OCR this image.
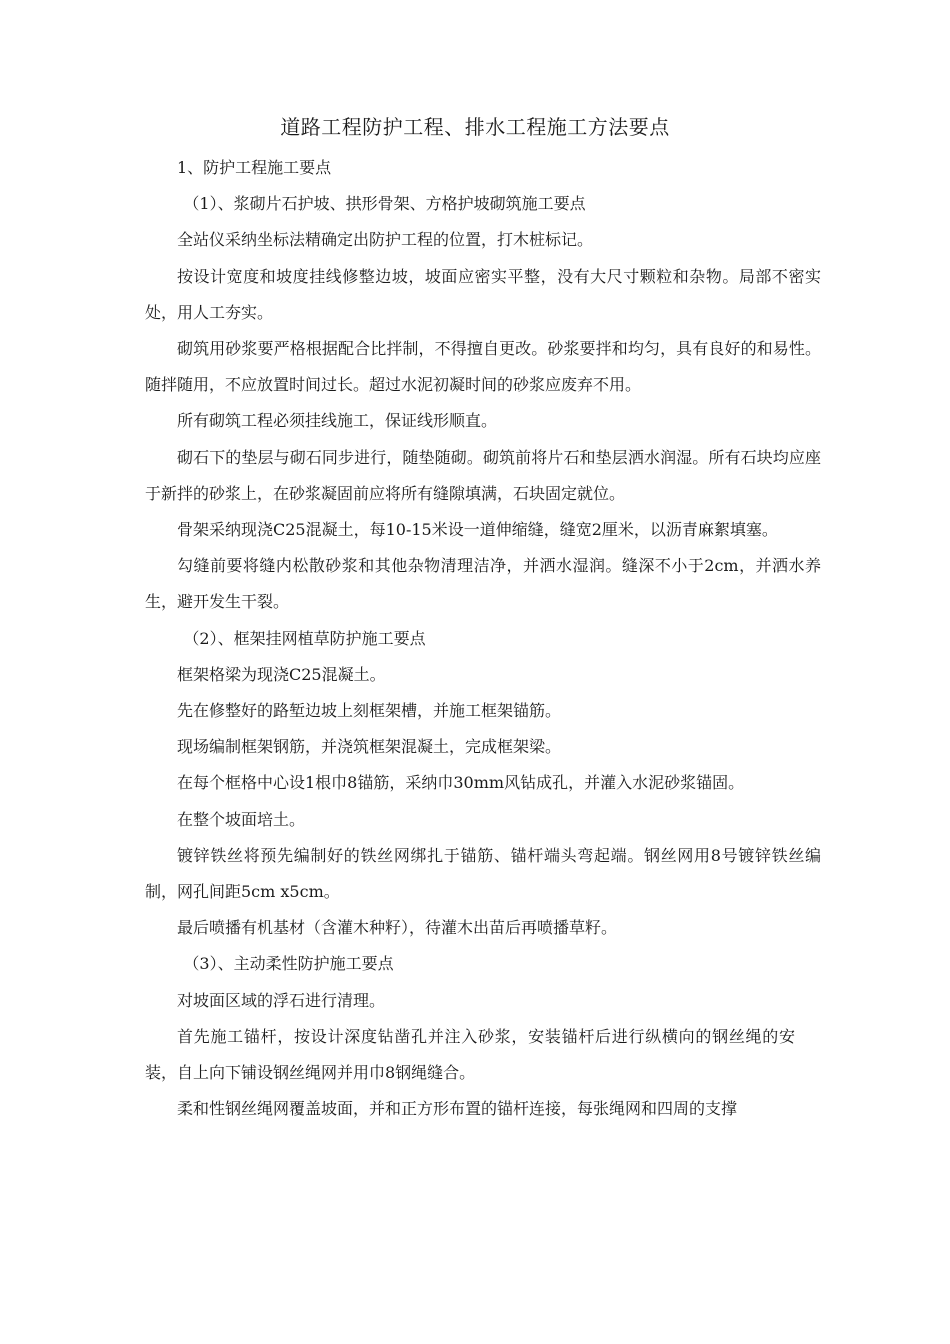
道路工程防护工程、排水工程施工方法要点

1、防护工程施工要点

（1）、浆砌片石护坡、拱形骨架、方格护坡砌筑施工要点

全站仪采纳坐标法精确定出防护工程的位置，打木桩标记。

按设计宽度和坡度挂线修整边坡，坡面应密实平整，没有大尺寸颗粒和杂物。局部不密实处，用人工夯实。

砌筑用砂浆要严格根据配合比拌制，不得擅自更改。砂浆要拌和均匀，具有良好的和易性。随拌随用，不应放置时间过长。超过水泥初凝时间的砂浆应废弃不用。

所有砌筑工程必须挂线施工，保证线形顺直。

砌石下的垫层与砌石同步进行，随垫随砌。砌筑前将片石和垫层洒水润湿。所有石块均应座于新拌的砂浆上，在砂浆凝固前应将所有缝隙填满，石块固定就位。

骨架采纳现浇C25混凝土，每10-15米设一道伸缩缝，缝宽2厘米，以沥青麻絮填塞。

勾缝前要将缝内松散砂浆和其他杂物清理洁净，并洒水湿润。缝深不小于2cm，并洒水养生，避开发生干裂。

（2）、框架挂网植草防护施工要点

框架格梁为现浇C25混凝土。

先在修整好的路堑边坡上刻框架槽，并施工框架锚筋。

现场编制框架钢筋，并浇筑框架混凝土，完成框架梁。

在每个框格中心设1根巾8锚筋，采纳巾30mm风钻成孔，并灌入水泥砂浆锚固。

在整个坡面培土。

镀锌铁丝将预先编制好的铁丝网绑扎于锚筋、锚杆端头弯起端。钢丝网用8号镀锌铁丝编制，网孔间距5cm x5cm。

最后喷播有机基材（含灌木种籽），待灌木出苗后再喷播草籽。

（3）、主动柔性防护施工要点

对坡面区域的浮石进行清理。

首先施工锚杆，按设计深度钻凿孔并注入砂浆，安装锚杆后进行纵横向的钢丝绳的安装，自上向下铺设钢丝绳网并用巾8钢绳缝合。

柔和性钢丝绳网覆盖坡面，并和正方形布置的锚杆连接，每张绳网和四周的支撑
